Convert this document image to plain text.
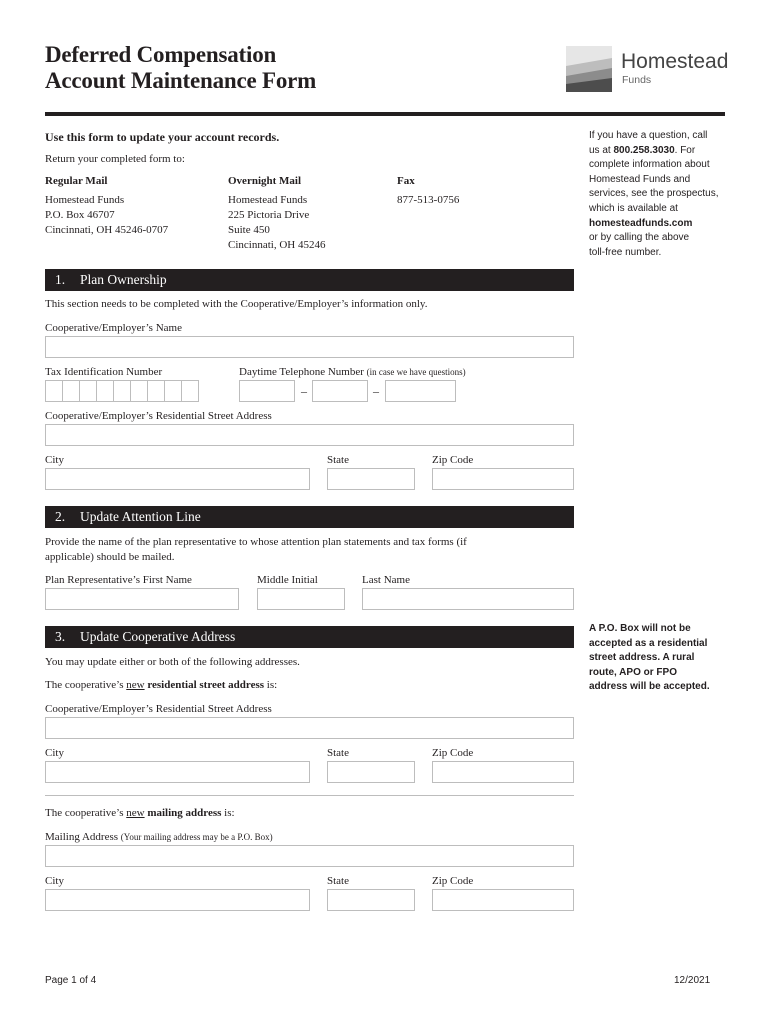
Deferred Compensation
Account Maintenance Form
Homestead
Funds
If you have a question, call
us at 800.258.3030. For
complete information about
Homestead Funds and
services, see the prospectus,
which is available at
homesteadfunds.com
or by calling the above
toll-free number.
Use this form to update your account records.
Return your completed form to:
Regular Mail
Homestead Funds
P.O. Box 46707
Cincinnati, OH 45246-0707
Overnight Mail
Homestead Funds
225 Pictoria Drive
Suite 450
Cincinnati, OH 45246
Fax
877-513-0756
1. Plan Ownership
This section needs to be completed with the Cooperative/Employer’s information only.
Cooperative/Employer’s Name
Tax Identification Number	Daytime Telephone Number (in case we have questions)
–	–
Cooperative/Employer’s Residential Street Address
City	State	Zip Code
2. Update Attention Line
Provide the name of the plan representative to whose attention plan statements and tax forms (if
applicable) should be mailed.
Plan Representative’s First Name	Middle Initial	Last Name
A P.O. Box will not be
accepted as a residential
street address. A rural
route, APO or FPO
address will be accepted.
3. Update Cooperative Address
You may update either or both of the following addresses.
The cooperative’s new residential street address is:
Cooperative/Employer’s Residential Street Address
City	State	Zip Code
The cooperative’s new mailing address is:
Mailing Address (Your mailing address may be a P.O. Box)
City	State	Zip Code
Page 1 of 4	12/2021
